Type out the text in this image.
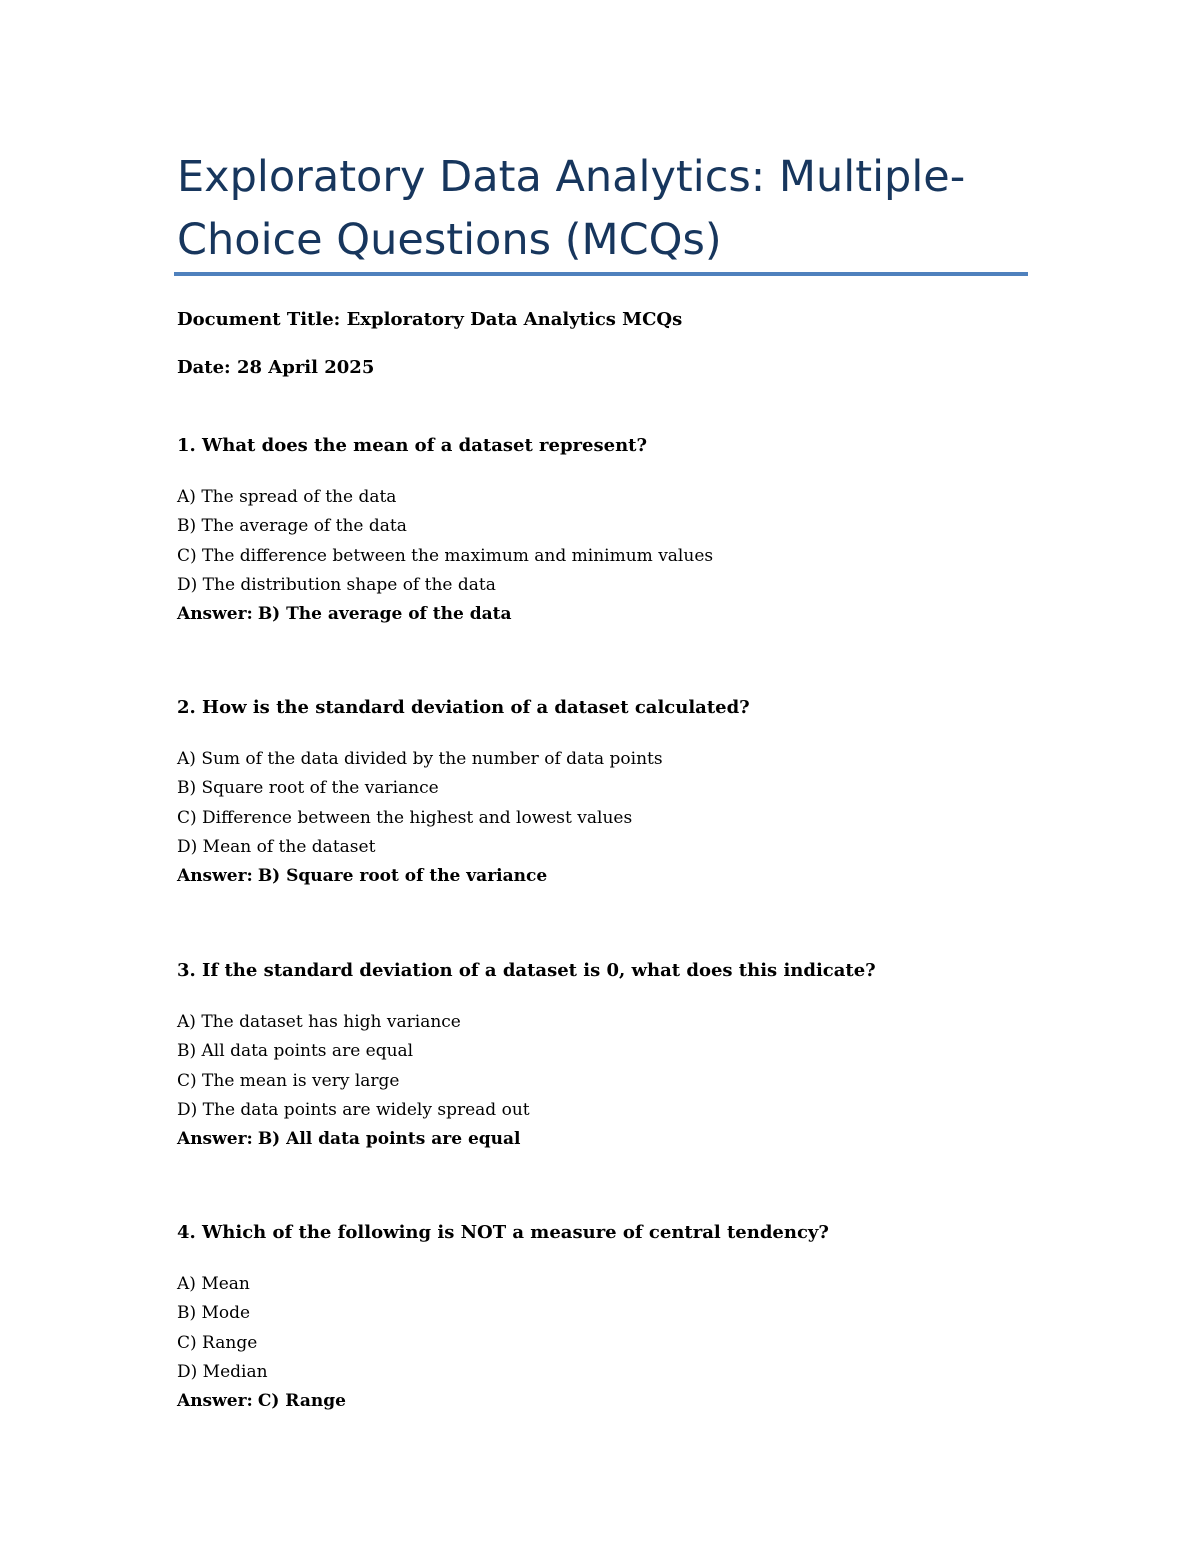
Exploratory Data Analytics: Multiple-Choice Questions (MCQs)

Document Title: Exploratory Data Analytics MCQs

Date: 28 April 2025

1. What does the mean of a dataset represent?

A) The spread of the data
B) The average of the data
C) The difference between the maximum and minimum values
D) The distribution shape of the data
Answer: B) The average of the data

2. How is the standard deviation of a dataset calculated?

A) Sum of the data divided by the number of data points
B) Square root of the variance
C) Difference between the highest and lowest values
D) Mean of the dataset
Answer: B) Square root of the variance

3. If the standard deviation of a dataset is 0, what does this indicate?

A) The dataset has high variance
B) All data points are equal
C) The mean is very large
D) The data points are widely spread out
Answer: B) All data points are equal

4. Which of the following is NOT a measure of central tendency?

A) Mean
B) Mode
C) Range
D) Median
Answer: C) Range
